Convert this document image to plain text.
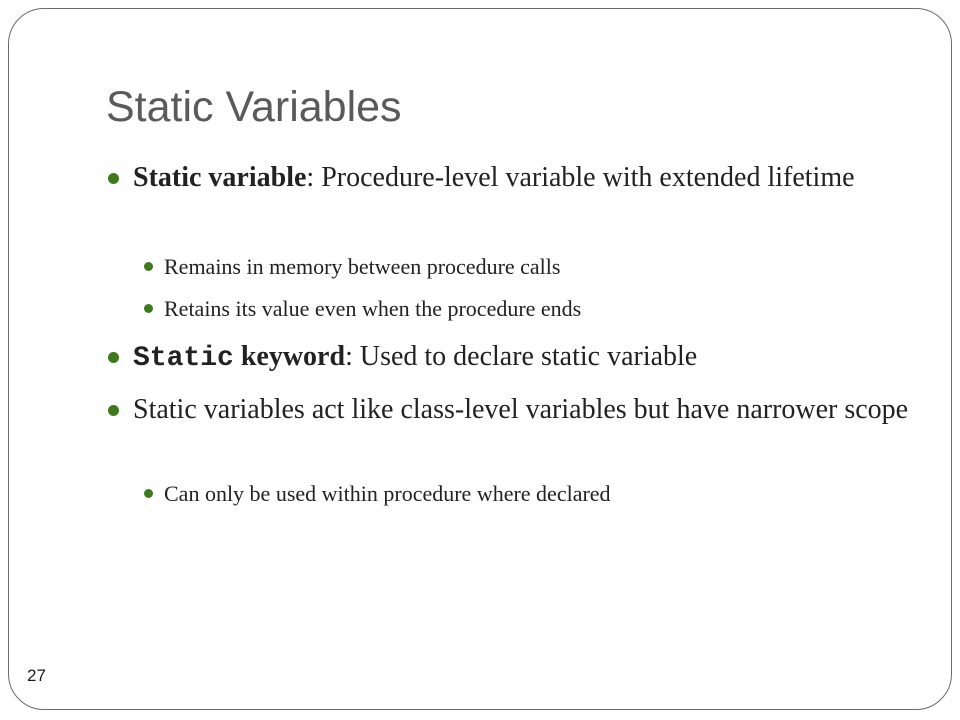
Static Variables
Static variable: Procedure-level variable with extended lifetime
Remains in memory between procedure calls
Retains its value even when the procedure ends
Static keyword: Used to declare static variable
Static variables act like class-level variables but have narrower scope
Can only be used within procedure where declared
27
